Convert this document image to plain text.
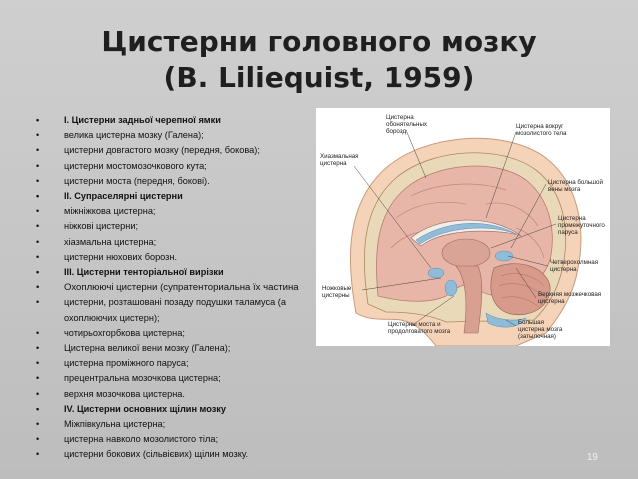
Цистерни головного мозку
(B. Liliequist, 1959)
• I. Цистерни задньої черепної ямки
• велика цистерна мозку (Галена);
• цистерни довгастого мозку (передня, бокова);
• цистерни мостомозочкового кута;
• цистерни моста (передня, бокові).
• II. Супраселярні цистерни
• міжніжкова цистерна;
• ніжкові цистерни;
• хіазмальна цистерна;
• цистерни нюхових борозн.
• III. Цистерни тенторіальної вирізки
• Охоплюючі цистерни (супратенториальна їх частина
• цистерни, розташовані позаду подушки таламуса (а охоплюючих цистерн);
• чотирьохгорбкова цистерна;
• Цистерна великої вени мозку (Галена);
• цистерна проміжного паруса;
• прецентральна мозочкова цистерна;
• верхня мозочкова цистерна.
• IV. Цистерни основних щілин мозку
• Міжпівкульна цистерна;
• цистерна навколо мозолистого тіла;
• цистерни бокових (сільвієвих) щілин мозку.
Цистерна обонятельных борозд
Цистерна вокруг мозолистого тела
Хиазмальная цистерна
Цистерна большой вены мозга
Цистерна промежуточного паруса
Четверохолмная цистерна
Ножковые цистерны	Верхняя мозжечковая цистерна
Цистерны моста и продолговатого мозга
Большая цистерна мозга (затылочная)
19
